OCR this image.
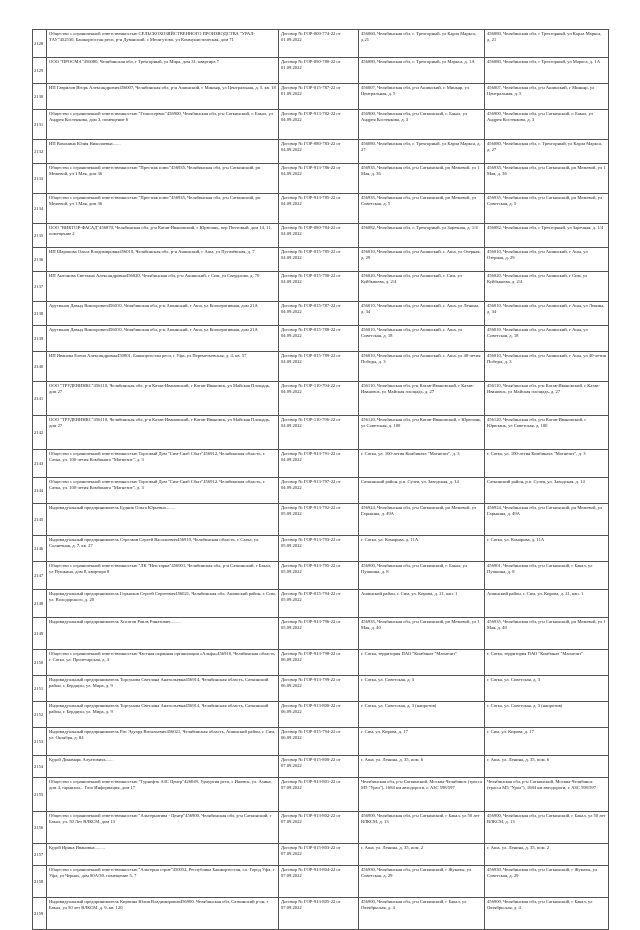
2128	Общество с ограниченной ответственностью СЕЛЬСКОХОЗЯЙСТВЕННОГО ПРОИЗВОДСТВА "УРАЛ-ТАУ"452530, Башкортостан респ, р-н Дуванский, с Месягутово, ул Коммунистическая, дом 71	Договор № ГОР-000-774-22 от 01.09.2022	456060, Челябинская обл, г. Трехгорный, ул Карла Маркса, д.21	456080, Челябинская обл, г Трехгорный, ул Карла Маркса, д. 21
2129	ООО "ПРОСМА"456080, Челябинская обл, г Трехгорный, ул Мира, дом 31, квартира 7	Договор № ГОР-090-780-22 от 01.09.2022	456080, Челябинская обл, г. Трехгорный, ул Маркса, д. 1А	456080, Челябинская обл, г Трехгорный, ул Маркса, д. 1А
2130	ИП Гаврилов Игорь Александрович456007, Челябинская обл, р-н Ашинский, г Миньяр, ул Центральная, д. 5, кв. 18	Договор № ГОР-015-787-22 от 01.09.2022	456007, Челябинская обл, р-н Ашинский, г. Миньяр, ул Центральная, д. 5	456007, Челябинская обл, р-н Ашинский, г Миньяр, ул Центральная, д. 5
2131	Общество с ограниченной ответственностью "Гелиосервис"456900, Челябинская обл, р-н Саткинский, г. Бакал, ул Андрея Костенкова, дом 3, помещение 6	Договор № ГОР-913-782-22 от 04.09.2022	456900, Челябинская обл, р-н Саткинский, г. Бакал, ул Андрея Костенкова, д. 3	456900, Челябинская обл, р-н Саткинский, г. Бакал, ул Андрея Костенкова, д. 3
2132	ИП Вахонина Юлия Николаевна.......	Договор № ГОР-080-783-22 от 04.09.2022	456080, Челябинская обл, г. Трехгорный, ул Карла Маркса, д. 27	456080, Челябинская обл, г. Трехгорный, ул Карла Маркса, д. 27
2133	Общество с ограниченной ответственностью "Престиж плюс"456935, Челябинская обл, р-н Саткинский, рп Межевой, ул 1 Мая, дом 36	Договор № ГОР-913-786-22 от 04.09.2022	456935, Челябинская обл, р-н Саткинский, рп Межевой, ул 1 Мая, д. 36	456935, Челябинская обл, р-н Саткинский, рп Межевой, ул 1 Мая, д. 36
2134	Общество с ограниченной ответственностью "Престиж плюс"456935, Челябинская обл, р-н Саткинский, рп Межевой, ул 1 Мая, дом 36	Договор № ГОР-913-785-22 от 04.09.2022	456935, Челябинская обл, р-н Саткинский, рп Межевой, ул Советская, д. 5	456935, Челябинская обл, р-н Саткинский, рп Межевой, ул Советская, д. 5
2135	ООО "ВИКТОР-ФАСАД"456870, Челябинская обл, р-н Катав-Ивановский, г Юрюзань, пер Почтовый, дом 14, 11, помещение 2	Договор № ГОР-080-784-22 от 04.09.2022	456082, Челябинская обл, г. Трехгорный, ул Заречная, д. 1/4	456082, Челябинская обл, г Трехгорный, ул Заречная, д. 1/4
2136	ИП Шарапова Ольга Владимировна456010, Челябинская обл, р-н Ашинский, г Аша, ул Пугачёвская, д. 7	Договор № ГОР-015-785-22 от 04.09.2022	456010, Челябинская обл, р-н Ашинский, г. Аша, ул Озерная, д. 29	456010, Челябинская обл, р-н Ашинский, г Аша, ул Озерная, д. 29
2137	ИП Антонова Светлана Александровна456020, Челябинская обл, р-н Ашинский, г Сим, ул Свердлова, д. 70	Договор № ГОР-015-790-22 от 04.09.2022	456020, Челябинская обл, р-н Ашинский, г. Сим, ул Куйбышева, д. 2/4	456020, Челябинская обл, р-н Ашинский, г Сим, ул Куйбышева, д. 2/4
2138	Арутюнов Давыд Викторович456010, Челябинская обл, р-н Ашинский, г Аша, ул Кооперативная, дом 21А	Договор № ГОР-015-787-22 от 04.09.2022	456010, Челябинская обл, р-н Ашинский, г. Аша, ул Ленина, д. 34	456010, Челябинская обл, р-н Ашинский, г Аша, ул Ленина, д. 34
2139	Арутюнов Давыд Викторович456010, Челябинская обл, р-н Ашинский, г Аша, ул Кооперативная, дом 21А	Договор № ГОР-015-788-22 от 04.09.2022	456010, Челябинская обл, р-н Ашинский, г. Аша, ул Советская, д. 18	456010, Челябинская обл, р-н Ашинский, г Аша, ул Советская, д. 18
2140	ИП Иванова Елена Александровна450001, Башкортостан респ, г Уфа, ул Переметьевская, д. 4, кв. 57	Договор № ГОР-015-789-22 от 04.09.2022	456010, Челябинская обл, р-н Ашинский, г. Аша, ул 40-летия Победы, д. 3	456010, Челябинская обл, р-н Ашинский, г Аша, ул 40-летия Победы, д. 3
2141	ООО "ТРУДЕВИНКС"456110, Челябинская обл, р-н Катав-Ивановский, г Катав-Ивановск, ул Майская Площадь, дом 27	Договор № ГОР-110-794-22 от 04.09.2022	456110, Челябинская обл, р-н Катав-Ивановский, г Катав-Ивановск, ул Майская площадь, д. 27	456110, Челябинская обл, р-н Катав-Ивановский, г Катав-Ивановск, ул Майская площадь, д. 27
2142	ООО "ТРУДЕВИНКС"456110, Челябинская обл, р-н Катав-Ивановский, г Катав-Ивановск, ул Майская Площадь, дом 27	Договор № ГОР-110-796-22 от 04.09.2022	456120, Челябинская обл, р-н Катав-Ивановский, г Юрюзань, ул Советская, д. 100	456120, Челябинская обл, р-н Катав-Ивановский, г Юрюзань, ул Советская, д. 100
2143	Общество с ограниченной ответственностью Торговый Дом "Сим-Снаб Сбыт"456912, Челябинская область, г. Сатка, ул. 100-летия Комбината "Магнезит", д. 3	Договор № ГОР-913-791-22 от 04.09.2022	г. Сатка, ул. 100-летия Комбината "Магнезит", д. 3	г. Сатка, ул. 100-летия Комбината "Магнезит", д. 3
2144	Общество с ограниченной ответственностью Торговый Дом "Сим-Снаб Сбыт"456912, Челябинская область, г. Сатка, ул. 100-летия Комбината "Магнезит", д. 3	Договор № ГОР-913-797-22 от 04.09.2022	Саткинский район, р.п. Сулея, ул. Заводская, д. 14	Саткинский район, р.п. Сулея, ул. Заводская, д. 14
2145	Индивидуальный предприниматель Будник Ольга Юрьевна........	Договор № ГОР-913-792-22 от 05.09.2022	456924, Челябинская обл, р-н Саткинский, рп Межевой, ул Гарькина, д. 49А	456924, Челябинская обл, р-н Саткинский, рп Межевой, ул Гарькина, д. 49А
2146	Индивидуальный предприниматель Стрелков Сергей Васильевич456910, Челябинская область, г. Сатка, ул. Солнечная, д. 7, кв. 27	Договор № ГОР-913-793-22 от 05.09.2022	г. Сатка, ул. Комарова, д. 11А	г. Сатка, ул. Комарова, д. 11А
2147	Общество с ограниченной ответственностью "ЛК "Неп тарна"456901, Челябинская обл, р-н Саткинский, г Бакал, ул Пушкина, дом 8, квартира 8	Договор № ГОР-913-795-22 от 05.09.2022	456900, Челябинская обл, р-н Саткинский, г. Бакал, ул Пушкина, д. 8	456901, Челябинская обл, р-н Саткинский, г Бакал, ул Пушкина, д. 8
2148	Индивидуальный предприниматель Горьшков Сергей Сергеевич456021, Челябинская обл, Ашинский район, г. Сим, ул. Володарского, д. 20	Договор № ГОР-015-794-22 от 05.09.2022	Ашинский район, г. Сим, ул. Кирова, д. 21, кап. 1	Ашинский район, г. Сим, ул. Кирова, д. 21, кап. 1
2149	Индивидуальный предприниматель Хисатов Раиль Ринатович.........	Договор № ГОР-913-796-22 от 05.09.2022	456935, Челябинская обл, р-н Саткинский, рп Межевой, ул 1 Мая, д. 40	456935, Челябинская обл, р-н Саткинский, рп Межевой, ул 1 Мая, д. 40
2150	Общество с ограниченной ответственностью Частная охранная организация «Альфа»456918, Челябинская область, г. Сатка, ул. Пролетарская, д. 3	Договор № ГОР-913-798-22 от 06.09.2022	г. Сатка, территория ПАО "Комбинат "Магнезит"	г. Сатка, территория ПАО "Комбинат "Магнезит"
2151	Индивидуальный предприниматель Торсунова Светлана Анатольевна456914, Челябинская область, Саткинский район, г. Бердяуш, ул. Мира, д. 9	Договор № ГОР-913-799-22 от 06.09.2022	г. Сатка, ул. Советская, д. 3	г. Сатка, ул. Советская, д. 3
2152	Индивидуальный предприниматель Торсунова Светлана Анатольевна456914, Челябинская область, Саткинский район, г. Бердяуш, ул. Мира, д. 9	Договор № ГОР-913-800-22 от 06.09.2022	г. Сатка, ул. Советская, д. 3 (напротив)	г. Сатка, ул. Советская, д. 3 (напротив)
2153	Индивидуальный предприниматель Рис Эдуард Витальевич456021, Челябинская область, Ашинский район, г. Сим, ул. Октября, д. 84	Договор № ГОР-015-794-22 от 06.09.2022	г. Сим, ул. Кирова, д. 17	г. Сим, ул. Кирова, д. 17
2154	Кудой Динамарь Алуатовичь.......	Договор № ГОР-015-800-22 от 07.09.2022	г. Аша, ул. Ленина, д. 35, пом. 6	г. Аша, ул. Ленина, д. 35, пом. 6
2155	Общество с ограниченной ответственностью "Турнефть АЗС Центр"426049, Удмуртия респ, г Ижевск, ул. Азина, дом 4, гарнизон... Газо Информация, дом 17	Договор № ГОР-913-801-22 от 07.09.2022	Челябинская обл, р-н Саткинский, Москва-Челябинск (трасса М5 "Урал"), 1684 км автодороги, г. АЗС 598/597	Челябинская обл, р-н Саткинский, Москва-Челябинск (трасса М5 "Урал"), 1684 км автодороги, г. АЗС 598/597
2156	Общество с ограниченной ответственностью "Альтернатива - Центр"456900, Челябинская обл, р-н Саткинский, г Бакал, ул. 50 Лет ВЛКСМ, дом 13	Договор № ГОР-913-802-22 от 07.09.2022	456900, Челябинская обл, р-н Саткинский, г Бакал, ул 50 лет ВЛКСМ, д. 13	456900, Челябинская обл, р-н Саткинский, г Бакал, ул 50 лет ВЛКСМ, д. 13
2157	Кудой Ирина Ивановна.........	Договор № ГОР-015-803-22 от 07.09.2022	г. Аша, ул. Ленина, д. 35, пом. 2	г. Аша, ул. Ленина, д. 35, пом. 2
2158	Общество с ограниченной ответственностью "Альтерна стрит"450052, Республика Башкортостан, г.о. Город Уфа, г Уфа, ул Чернах, дом 80А/30, помещение 5, 7	Договор № ГОР-913-804-22 от 07.09.2022	456930, Челябинская обл, р-н Саткинский, г Жуматы, ул Советская, д. 29	456930, Челябинская обл, р-н Саткинский, г Жуматы, ул Советская, д. 29
2159	Индивидуальный предприниматель Кирпина Юлия Владимировна456900, Челябинская обл, Саткинский р-он, г Бакал, ул 50 лет ВЛКСМ, д. 9, кв. 120	Договор № ГОР-913-805-22 от 07.09.2022	456900, Челябинская обл, р-н Саткинский, г Бакал, ул Октябрьская, д. 4	456900, Челябинская обл, р-н Саткинский, г Бакал, ул Октябрьская, д. 4
